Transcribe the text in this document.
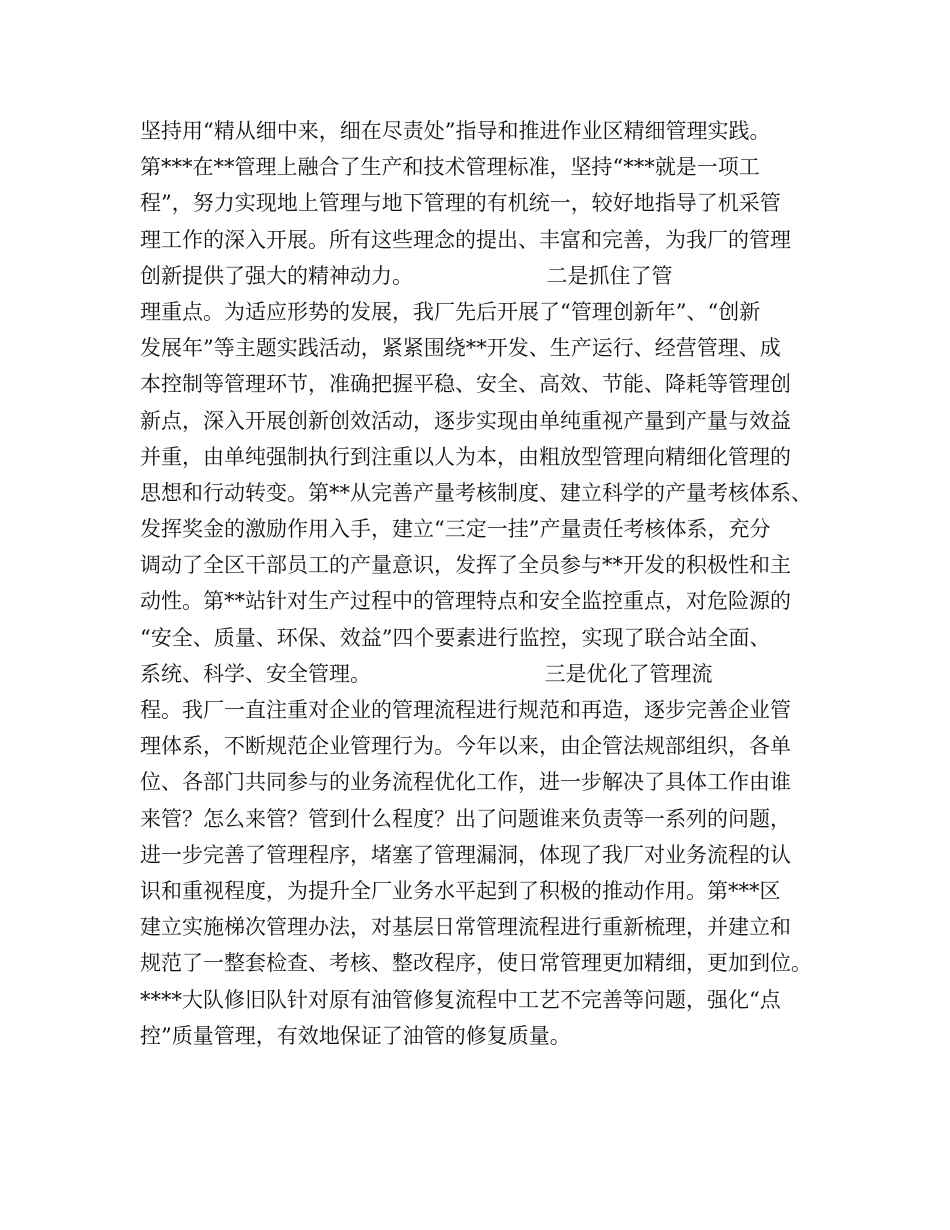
坚持用“精从细中来，细在尽责处”指导和推进作业区精细管理实践。
第***在**管理上融合了生产和技术管理标准，坚持“***就是一项工
程”，努力实现地上管理与地下管理的有机统一，较好地指导了机采管
理工作的深入开展。所有这些理念的提出、丰富和完善，为我厂的管理
创新提供了强大的精神动力。                    二是抓住了管
理重点。为适应形势的发展，我厂先后开展了“管理创新年”、“创新
发展年”等主题实践活动，紧紧围绕**开发、生产运行、经营管理、成
本控制等管理环节，准确把握平稳、安全、高效、节能、降耗等管理创
新点，深入开展创新创效活动，逐步实现由单纯重视产量到产量与效益
并重，由单纯强制执行到注重以人为本，由粗放型管理向精细化管理的
思想和行动转变。第**从完善产量考核制度、建立科学的产量考核体系、
发挥奖金的激励作用入手，建立“三定一挂”产量责任考核体系，充分
调动了全区干部员工的产量意识，发挥了全员参与**开发的积极性和主
动性。第**站针对生产过程中的管理特点和安全监控重点，对危险源的
“安全、质量、环保、效益”四个要素进行监控，实现了联合站全面、
系统、科学、安全管理。                          三是优化了管理流
程。我厂一直注重对企业的管理流程进行规范和再造，逐步完善企业管
理体系，不断规范企业管理行为。今年以来，由企管法规部组织，各单
位、各部门共同参与的业务流程优化工作，进一步解决了具体工作由谁
来管？怎么来管？管到什么程度？出了问题谁来负责等一系列的问题，
进一步完善了管理程序，堵塞了管理漏洞，体现了我厂对业务流程的认
识和重视程度，为提升全厂业务水平起到了积极的推动作用。第***区
建立实施梯次管理办法，对基层日常管理流程进行重新梳理，并建立和
规范了一整套检查、考核、整改程序，使日常管理更加精细，更加到位。
****大队修旧队针对原有油管修复流程中工艺不完善等问题，强化“点
控”质量管理，有效地保证了油管的修复质量。
